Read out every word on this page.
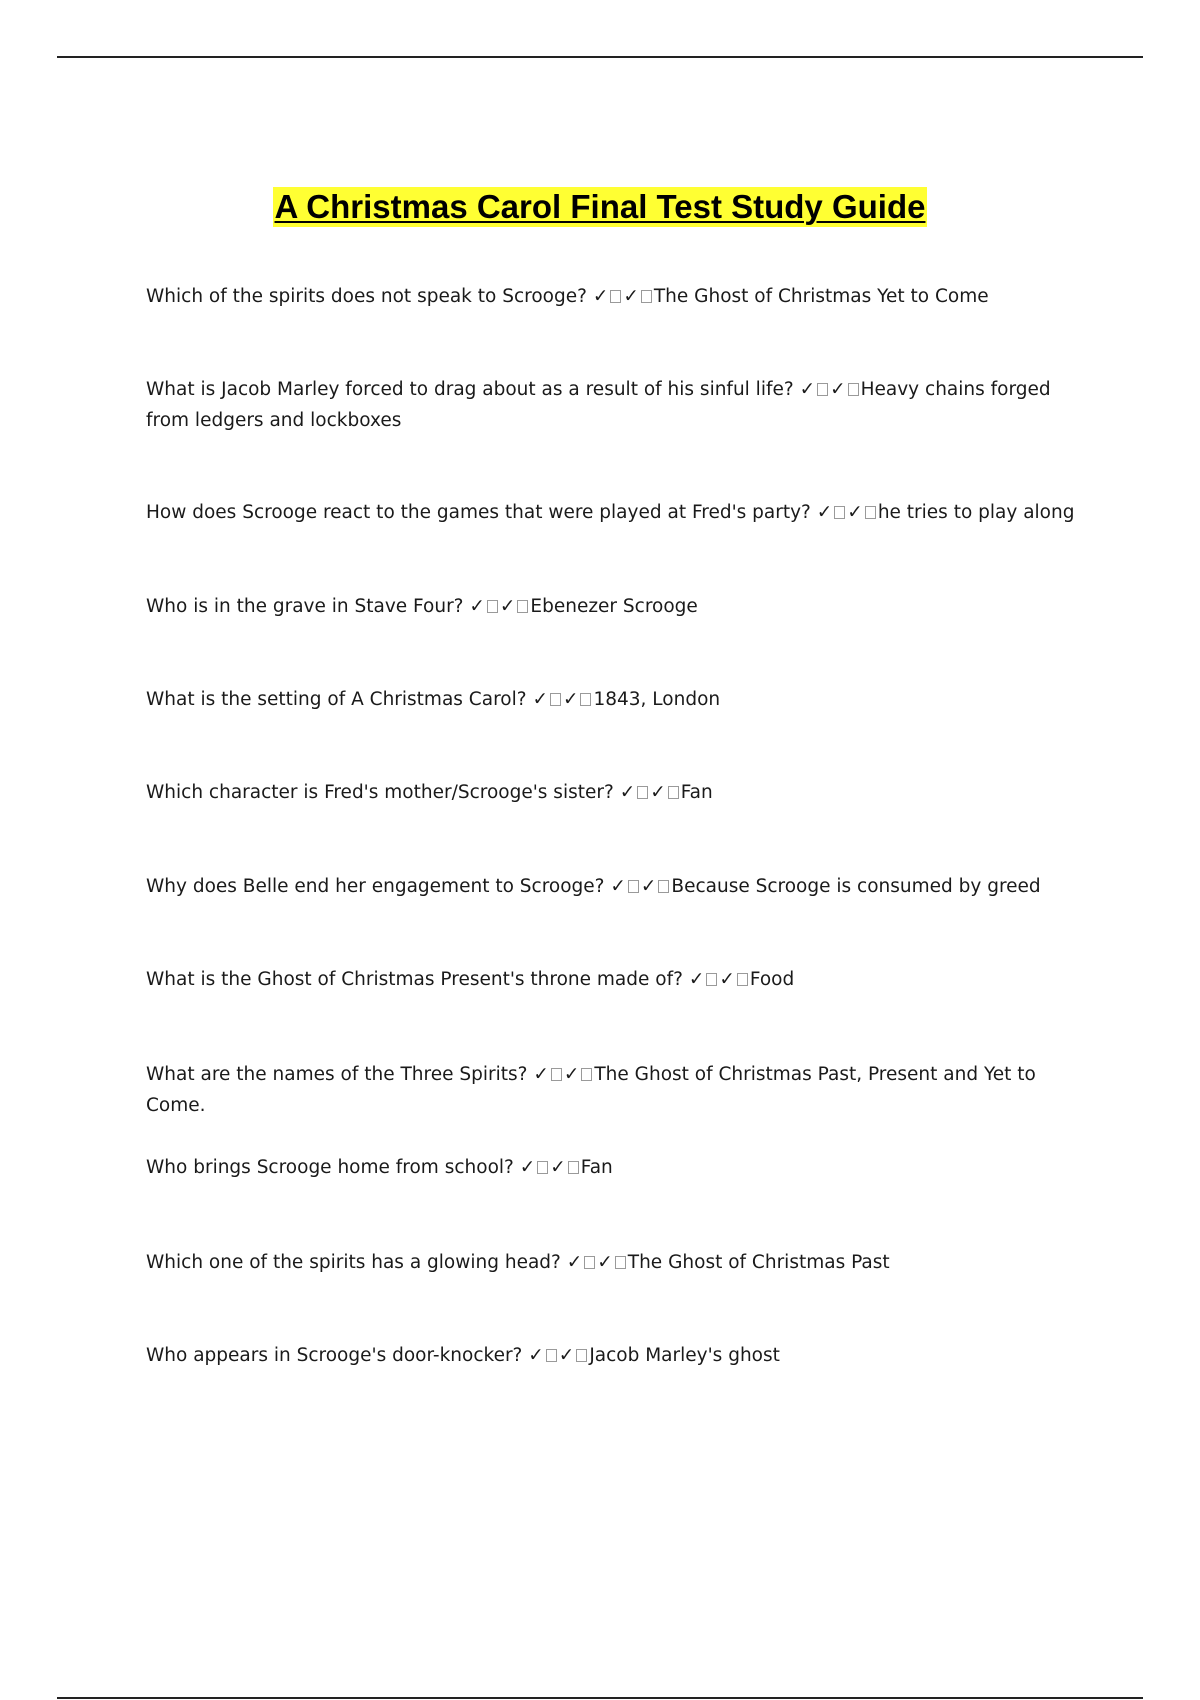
A Christmas Carol Final Test Study Guide

Which of the spirits does not speak to Scrooge? ✓ ✓ The Ghost of Christmas Yet to Come

What is Jacob Marley forced to drag about as a result of his sinful life? ✓ ✓ Heavy chains forged from ledgers and lockboxes

How does Scrooge react to the games that were played at Fred's party? ✓ ✓ he tries to play along

Who is in the grave in Stave Four? ✓ ✓ Ebenezer Scrooge

What is the setting of A Christmas Carol? ✓ ✓ 1843, London

Which character is Fred's mother/Scrooge's sister? ✓ ✓ Fan

Why does Belle end her engagement to Scrooge? ✓ ✓ Because Scrooge is consumed by greed

What is the Ghost of Christmas Present's throne made of? ✓ ✓ Food

What are the names of the Three Spirits? ✓ ✓ The Ghost of Christmas Past, Present and Yet to Come.

Who brings Scrooge home from school? ✓ ✓ Fan

Which one of the spirits has a glowing head? ✓ ✓ The Ghost of Christmas Past

Who appears in Scrooge's door-knocker? ✓ ✓ Jacob Marley's ghost
